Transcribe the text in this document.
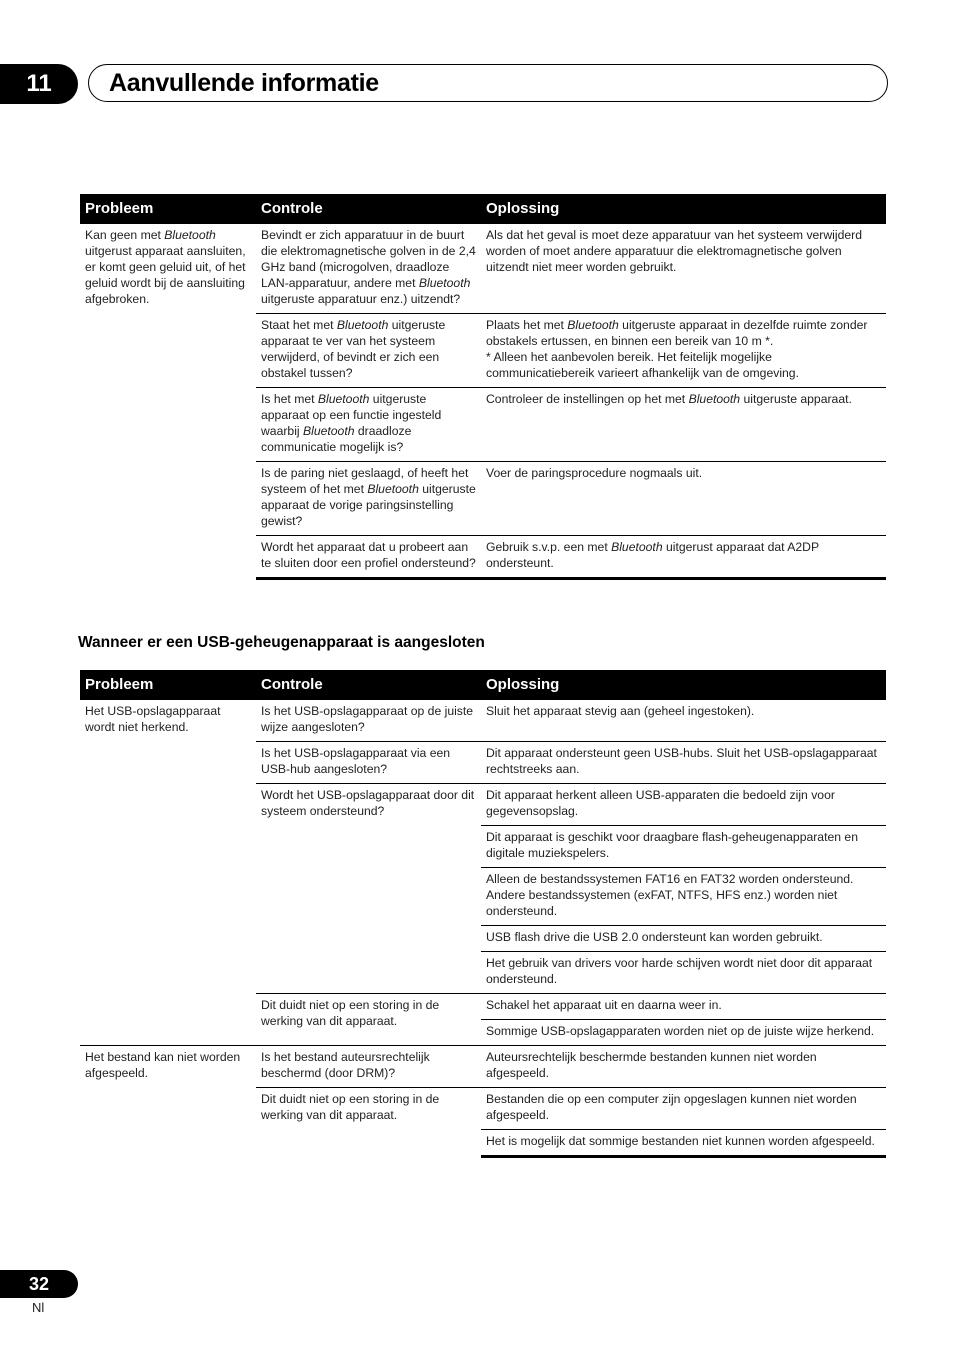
11 Aanvullende informatie
Probleem	Controle	Oplossing
Kan geen met Bluetooth uitgerust apparaat aansluiten, er komt geen geluid uit, of het geluid wordt bij de aansluiting afgebroken.	Bevindt er zich apparatuur in de buurt die elektromagnetische golven in de 2,4 GHz band (microgolven, draadloze LAN-apparatuur, andere met Bluetooth uitgeruste apparatuur enz.) uitzendt?	Als dat het geval is moet deze apparatuur van het systeem verwijderd worden of moet andere apparatuur die elektromagnetische golven uitzendt niet meer worden gebruikt.
	Staat het met Bluetooth uitgeruste apparaat te ver van het systeem verwijderd, of bevindt er zich een obstakel tussen?	Plaats het met Bluetooth uitgeruste apparaat in dezelfde ruimte zonder obstakels ertussen, en binnen een bereik van 10 m *.
* Alleen het aanbevolen bereik. Het feitelijk mogelijke communicatiebereik varieert afhankelijk van de omgeving.
	Is het met Bluetooth uitgeruste apparaat op een functie ingesteld waarbij Bluetooth draadloze communicatie mogelijk is?	Controleer de instellingen op het met Bluetooth uitgeruste apparaat.
	Is de paring niet geslaagd, of heeft het systeem of het met Bluetooth uitgeruste apparaat de vorige paringsinstelling gewist?	Voer de paringsprocedure nogmaals uit.
	Wordt het apparaat dat u probeert aan te sluiten door een profiel ondersteund?	Gebruik s.v.p. een met Bluetooth uitgerust apparaat dat A2DP ondersteunt.
Wanneer er een USB-geheugenapparaat is aangesloten
Probleem	Controle	Oplossing
Het USB-opslagapparaat wordt niet herkend.	Is het USB-opslagapparaat op de juiste wijze aangesloten?	Sluit het apparaat stevig aan (geheel ingestoken).
	Is het USB-opslagapparaat via een USB-hub aangesloten?	Dit apparaat ondersteunt geen USB-hubs. Sluit het USB-opslagapparaat rechtstreeks aan.
	Wordt het USB-opslagapparaat door dit systeem ondersteund?	Dit apparaat herkent alleen USB-apparaten die bedoeld zijn voor gegevensopslag.
		Dit apparaat is geschikt voor draagbare flash-geheugenapparaten en digitale muziekspelers.
		Alleen de bestandssystemen FAT16 en FAT32 worden ondersteund. Andere bestandssystemen (exFAT, NTFS, HFS enz.) worden niet ondersteund.
		USB flash drive die USB 2.0 ondersteunt kan worden gebruikt.
		Het gebruik van drivers voor harde schijven wordt niet door dit apparaat ondersteund.
	Dit duidt niet op een storing in de werking van dit apparaat.	Schakel het apparaat uit en daarna weer in.
		Sommige USB-opslagapparaten worden niet op de juiste wijze herkend.
Het bestand kan niet worden afgespeeld.	Is het bestand auteursrechtelijk beschermd (door DRM)?	Auteursrechtelijk beschermde bestanden kunnen niet worden afgespeeld.
	Dit duidt niet op een storing in de werking van dit apparaat.	Bestanden die op een computer zijn opgeslagen kunnen niet worden afgespeeld.
		Het is mogelijk dat sommige bestanden niet kunnen worden afgespeeld.
32
Nl
